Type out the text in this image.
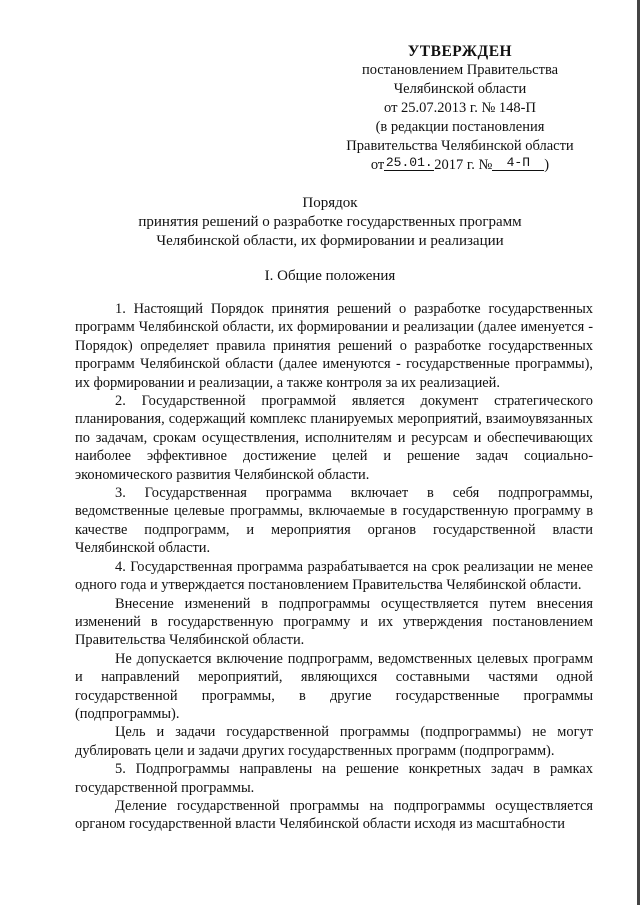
УТВЕРЖДЕН
постановлением Правительства
Челябинской области
от 25.07.2013 г. № 148-П
(в редакции постановления
Правительства Челябинской области
от 25.01. 2017 г. № 4-П )
Порядок
принятия решений о разработке государственных программ
Челябинской области, их формировании и реализации
I. Общие положения

1. Настоящий Порядок принятия решений о разработке государственных программ Челябинской области, их формировании и реализации (далее именуется - Порядок) определяет правила принятия решений о разработке государственных программ Челябинской области (далее именуются - государственные программы), их формировании и реализации, а также контроля за их реализацией.

2. Государственной программой является документ стратегического планирования, содержащий комплекс планируемых мероприятий, взаимоувязанных по задачам, срокам осуществления, исполнителям и ресурсам и обеспечивающих наиболее эффективное достижение целей и решение задач социально-экономического развития Челябинской области.

3. Государственная программа включает в себя подпрограммы, ведомственные целевые программы, включаемые в государственную программу в качестве подпрограмм, и мероприятия органов государственной власти Челябинской области.

4. Государственная программа разрабатывается на срок реализации не менее одного года и утверждается постановлением Правительства Челябинской области.

Внесение изменений в подпрограммы осуществляется путем внесения изменений в государственную программу и их утверждения постановлением Правительства Челябинской области.

Не допускается включение подпрограмм, ведомственных целевых программ и направлений мероприятий, являющихся составными частями одной государственной программы, в другие государственные программы (подпрограммы).

Цель и задачи государственной программы (подпрограммы) не могут дублировать цели и задачи других государственных программ (подпрограмм).

5. Подпрограммы направлены на решение конкретных задач в рамках государственной программы.

Деление государственной программы на подпрограммы осуществляется органом государственной власти Челябинской области исходя из масштабности
